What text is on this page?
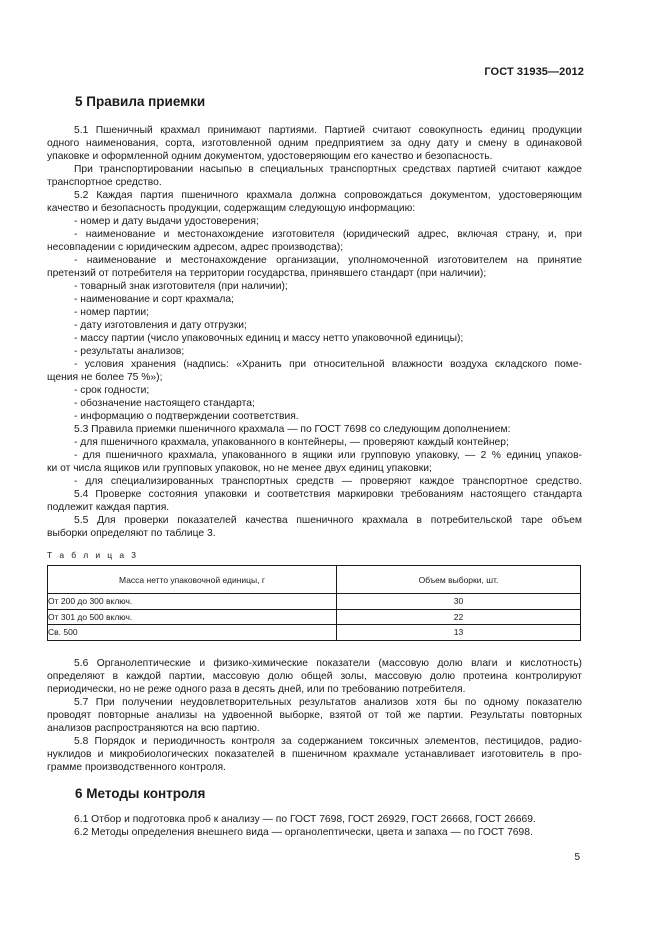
ГОСТ 31935—2012
5 Правила приемки
5.1 Пшеничный крахмал принимают партиями. Партией считают совокупность единиц продукции
одного наименования, сорта, изготовленной одним предприятием за одну дату и смену в одинаковой
упаковке и оформленной одним документом, удостоверяющим его качество и безопасность.
При транспортировании насыпью в специальных транспортных средствах партией считают каждое
транспортное средство.
5.2 Каждая партия пшеничного крахмала должна сопровождаться документом, удостоверяющим
качество и безопасность продукции, содержащим следующую информацию:
- номер и дату выдачи удостоверения;
- наименование и местонахождение изготовителя (юридический адрес, включая страну, и, при
несовпадении с юридическим адресом, адрес производства);
- наименование и местонахождение организации, уполномоченной изготовителем на принятие
претензий от потребителя на территории государства, принявшего стандарт (при наличии);
- товарный знак изготовителя (при наличии);
- наименование и сорт крахмала;
- номер партии;
- дату изготовления и дату отгрузки;
- массу партии (число упаковочных единиц и массу нетто упаковочной единицы);
- результаты анализов;
- условия хранения (надпись: «Хранить при относительной влажности воздуха складского поме-
щения не более 75 %»);
- срок годности;
- обозначение настоящего стандарта;
- информацию о подтверждении соответствия.
5.3 Правила приемки пшеничного крахмала — по ГОСТ 7698 со следующим дополнением:
- для пшеничного крахмала, упакованного в контейнеры, — проверяют каждый контейнер;
- для пшеничного крахмала, упакованного в ящики или групповую упаковку, — 2 % единиц упаков-
ки от числа ящиков или групповых упаковок, но не менее двух единиц упаковки;
- для специализированных транспортных средств — проверяют каждое транспортное средство.
5.4 Проверке состояния упаковки и соответствия маркировки требованиям настоящего стандарта
подлежит каждая партия.
5.5 Для проверки показателей качества пшеничного крахмала в потребительской таре объем
выборки определяют по таблице 3.
Т а б л и ц а 3
Масса нетто упаковочной единицы, г	Объем выборки, шт.
От 200 до 300 включ.	30
От 301 до 500 включ.	22
Св. 500	13
5.6 Органолептические и физико-химические показатели (массовую долю влаги и кислотность)
определяют в каждой партии, массовую долю общей золы, массовую долю протеина контролируют
периодически, но не реже одного раза в десять дней, или по требованию потребителя.
5.7 При получении неудовлетворительных результатов анализов хотя бы по одному показателю
проводят повторные анализы на удвоенной выборке, взятой от той же партии. Результаты повторных
анализов распространяются на всю партию.
5.8 Порядок и периодичность контроля за содержанием токсичных элементов, пестицидов, радио-
нуклидов и микробиологических показателей в пшеничном крахмале устанавливает изготовитель в про-
грамме производственного контроля.
6 Методы контроля
6.1 Отбор и подготовка проб к анализу — по ГОСТ 7698, ГОСТ 26929, ГОСТ 26668, ГОСТ 26669.
6.2 Методы определения внешнего вида — органолептически, цвета и запаха — по ГОСТ 7698.
5
